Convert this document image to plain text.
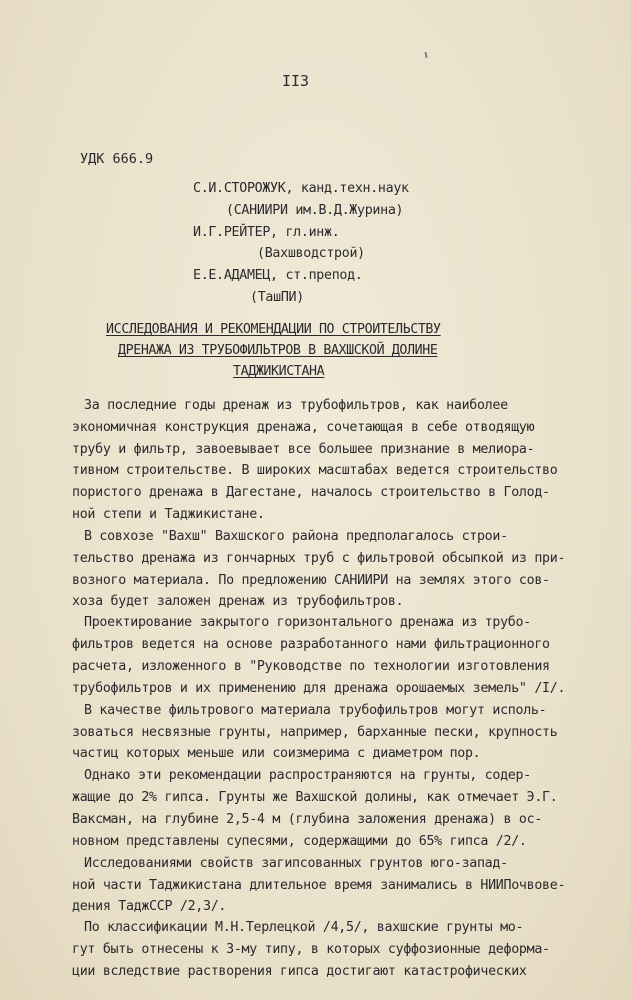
II3
УДК 666.9
С.И.СТОРОЖУК, канд.техн.наук
(САНИИРИ им.В.Д.Журина)
И.Г.РЕЙТЕР, гл.инж.
(Вахшводстрой)
Е.Е.АДАМЕЦ, ст.препод.
(ТашПИ)
ИССЛЕДОВАНИЯ И РЕКОМЕНДАЦИИ ПО СТРОИТЕЛЬСТВУ
ДРЕНАЖА ИЗ ТРУБОФИЛЬТРОВ В ВАХШСКОЙ ДОЛИНЕ
ТАДЖИКИСТАНА
За последние годы дренаж из трубофильтров, как наиболее
экономичная конструкция дренажа, сочетающая в себе отводящую
трубу и фильтр, завоевывает все большее признание в мелиора-
тивном строительстве. В широких масштабах ведется строительство
пористого дренажа в Дагестане, началось строительство в Голод-
ной степи и Таджикистане.
В совхозе "Вахш" Вахшского района предполагалось строи-
тельство дренажа из гончарных труб с фильтровой обсыпкой из при-
возного материала. По предложению САНИИРИ на землях этого сов-
хоза будет заложен дренаж из трубофильтров.
Проектирование закрытого горизонтального дренажа из трубо-
фильтров ведется на основе разработанного нами фильтрационного
расчета, изложенного в "Руководстве по технологии изготовления
трубофильтров и их применению для дренажа орошаемых земель" /I/.
В качестве фильтрового материала трубофильтров могут исполь-
зоваться несвязные грунты, например, барханные пески, крупность
частиц которых меньше или соизмерима с диаметром пор.
Однако эти рекомендации распространяются на грунты, содер-
жащие до 2% гипса. Грунты же Вахшской долины, как отмечает Э.Г.
Ваксман, на глубине 2,5-4 м (глубина заложения дренажа) в ос-
новном представлены супесями, содержащими до 65% гипса /2/.
Исследованиями свойств загипсованных грунтов юго-запад-
ной части Таджикистана длительное время занимались в НИИПочвове-
дения ТаджССР /2,3/.
По классификации М.Н.Терлецкой /4,5/, вахшские грунты мо-
гут быть отнесены к 3-му типу, в которых суффозионные деформа-
ции вследствие растворения гипса достигают катастрофических
